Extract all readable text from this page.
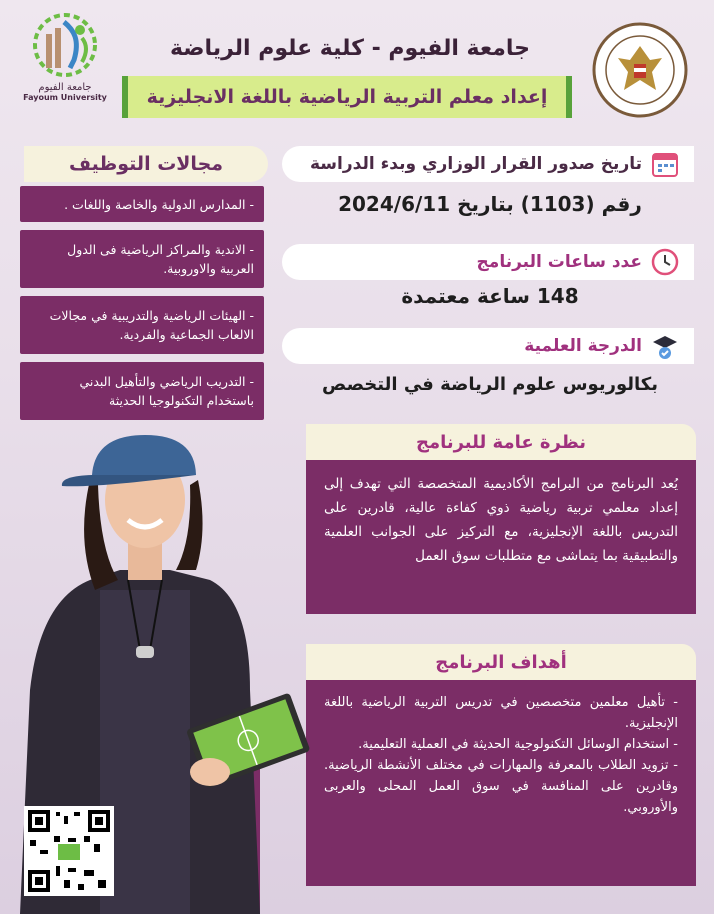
جامعة الفيوم
Fayoum University
جامعة الفيوم - كلية علوم الرياضة
إعداد معلم التربية الرياضية باللغة الانجليزية
مجالات التوظيف
- المدارس الدولية والخاصة واللغات .
- الاندية والمراكز الرياضية فى الدول العربية والاوروبية.
- الهيئات الرياضية والتدريبية في مجالات الالعاب الجماعية والفردية.
- التدريب الرياضي والتأهيل البدني باستخدام التكنولوجيا الحديثة
تاريخ صدور القرار الوزاري وبدء الدراسة
رقم (1103) بتاريخ 2024/6/11
عدد ساعات البرنامج
148 ساعة معتمدة
الدرجة العلمية
بكالوريوس علوم الرياضة في التخصص
نظرة عامة للبرنامج
يُعد البرنامج من البرامج الأكاديمية المتخصصة التي تهدف إلى إعداد معلمي تربية رياضية ذوي كفاءة عالية، قادرين على التدريس باللغة الإنجليزية، مع التركيز على الجوانب العلمية والتطبيقية بما يتماشى مع متطلبات سوق العمل
أهداف البرنامج
- تأهيل معلمين متخصصين في تدريس التربية الرياضية باللغة الإنجليزية.
- استخدام الوسائل التكنولوجية الحديثة في العملية التعليمية.
- تزويد الطلاب بالمعرفة والمهارات في مختلف الأنشطة الرياضية. وقادرين على المنافسة في سوق العمل المحلى والعربى والأوروبي.
